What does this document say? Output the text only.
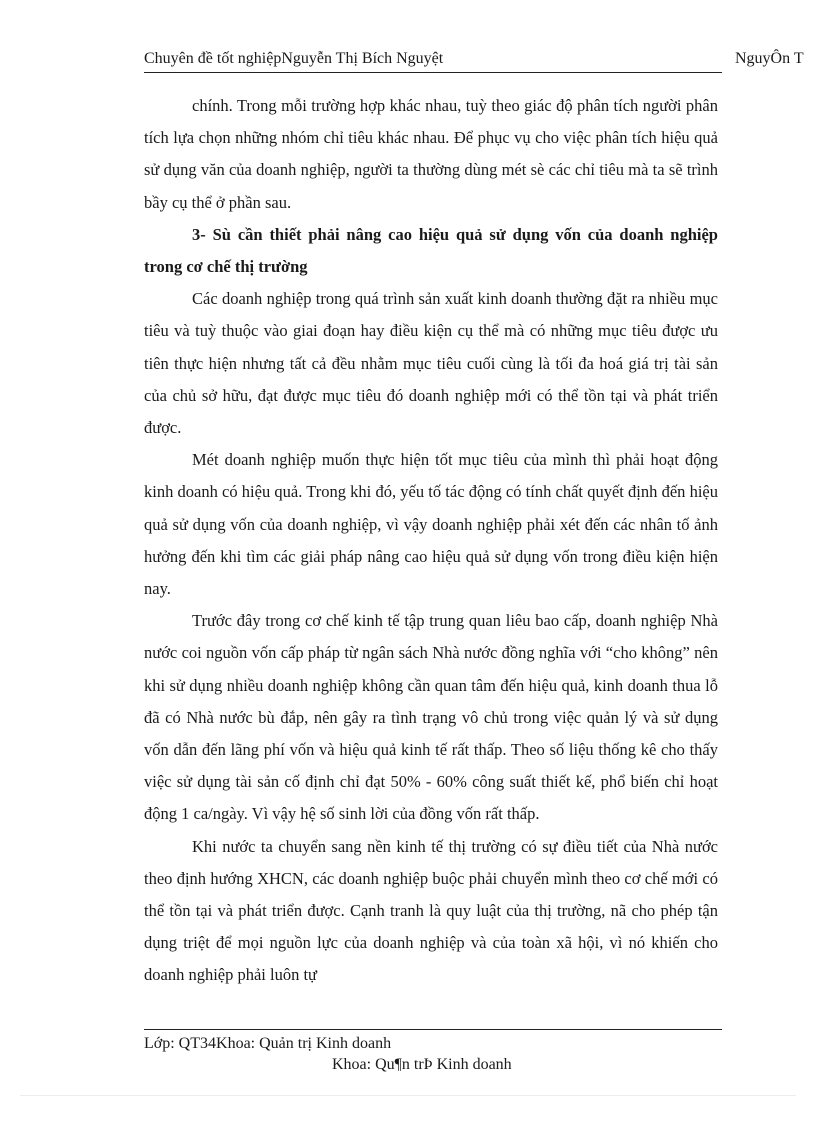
Chuyên đề tốt nghiệpNguyễn Thị Bích Nguyệt	NguyÔn T

chính. Trong mỗi trường hợp khác nhau, tuỳ theo giác độ phân tích người phân tích lựa chọn những nhóm chỉ tiêu khác nhau. Để phục vụ cho việc phân tích hiệu quả sử dụng văn của doanh nghiệp, người ta thường dùng mét sè các chỉ tiêu mà ta sẽ trình bầy cụ thể ở phần sau.

3- Sù cần thiết phải nâng cao hiệu quả sử dụng vốn của doanh nghiệp trong cơ chế thị trường

Các doanh nghiệp trong quá trình sản xuất kinh doanh thường đặt ra nhiều mục tiêu và tuỳ thuộc vào giai đoạn hay điều kiện cụ thể mà có những mục tiêu được ưu tiên thực hiện nhưng tất cả đều nhằm mục tiêu cuối cùng là tối đa hoá giá trị tài sản của chủ sở hữu, đạt được mục tiêu đó doanh nghiệp mới có thể tồn tại và phát triển được.

Mét doanh nghiệp muốn thực hiện tốt mục tiêu của mình thì phải hoạt động kinh doanh có hiệu quả. Trong khi đó, yếu tố tác động có tính chất quyết định đến hiệu quả sử dụng vốn của doanh nghiệp, vì vậy doanh nghiệp phải xét đến các nhân tố ảnh hưởng đến khi tìm các giải pháp nâng cao hiệu quả sử dụng vốn trong điều kiện hiện nay.

Trước đây trong cơ chế kinh tế tập trung quan liêu bao cấp, doanh nghiệp Nhà nước coi nguồn vốn cấp pháp từ ngân sách Nhà nước đồng nghĩa với “cho không” nên khi sử dụng nhiều doanh nghiệp không cần quan tâm đến hiệu quả, kinh doanh thua lỗ đã có Nhà nước bù đắp, nên gây ra tình trạng vô chủ trong việc quản lý và sử dụng vốn dẫn đến lãng phí vốn và hiệu quả kinh tế rất thấp. Theo số liệu thống kê cho thấy việc sử dụng tài sản cố định chỉ đạt 50% - 60% công suất thiết kế, phổ biến chỉ hoạt động 1 ca/ngày. Vì vậy hệ số sinh lời của đồng vốn rất thấp.

Khi nước ta chuyển sang nền kinh tế thị trường có sự điều tiết của Nhà nước theo định hướng XHCN, các doanh nghiệp buộc phải chuyển mình theo cơ chế mới có thể tồn tại và phát triển được. Cạnh tranh là quy luật của thị trường, nã cho phép tận dụng triệt để mọi nguồn lực của doanh nghiệp và của toàn xã hội, vì nó khiến cho doanh nghiệp phải luôn tự

Lớp: QT34Khoa: Quản trị Kinh doanh
Khoa: Qu¶n trÞ Kinh doanh
